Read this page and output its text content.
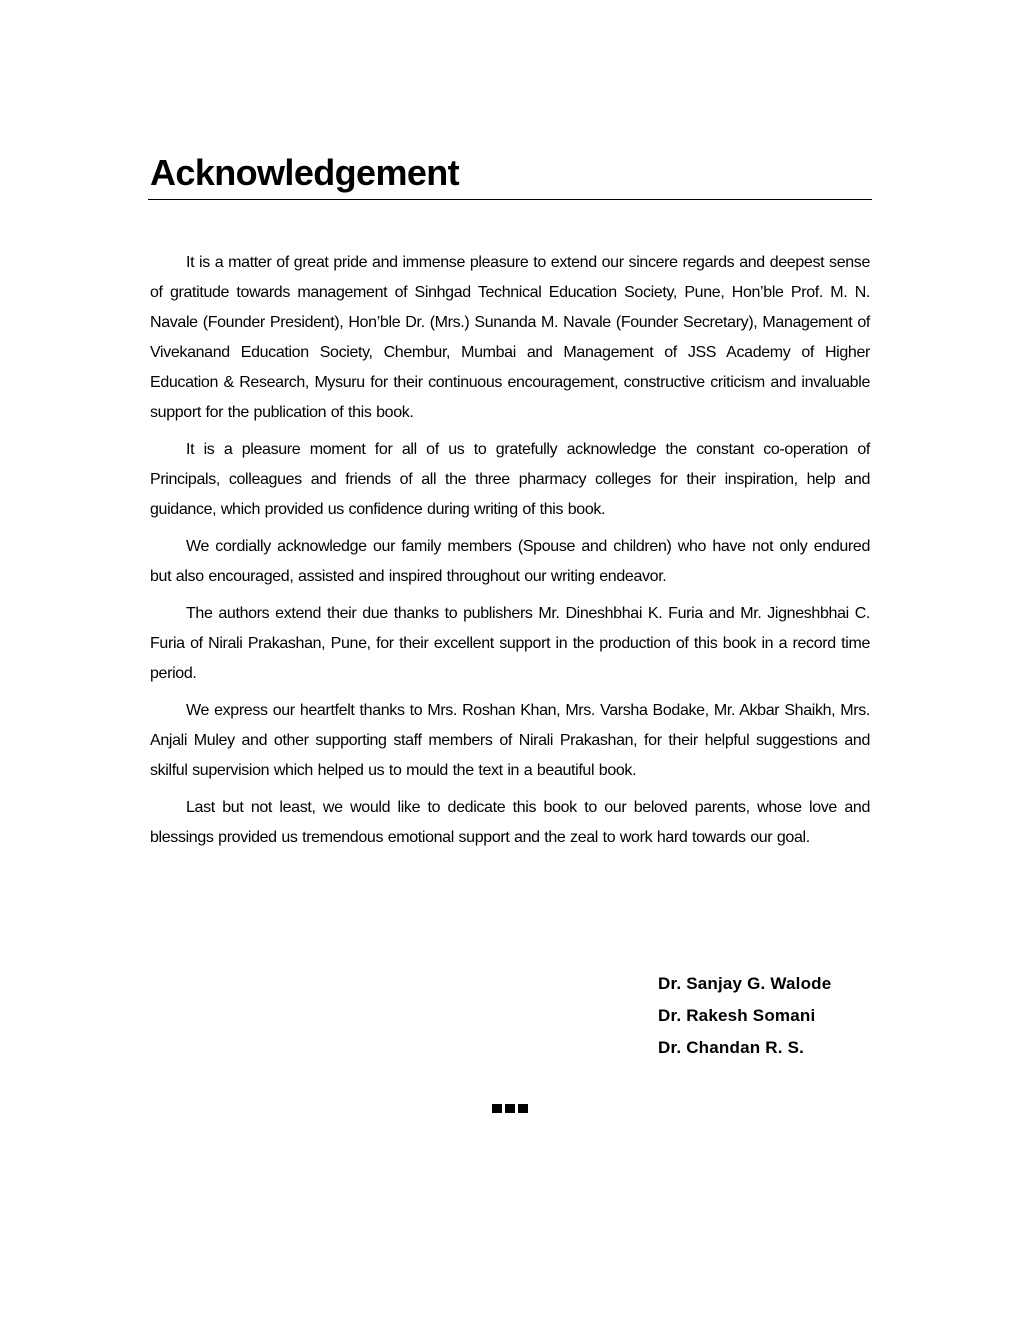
Acknowledgement

It is a matter of great pride and immense pleasure to extend our sincere regards and deepest sense of gratitude towards management of Sinhgad Technical Education Society, Pune, Hon’ble Prof. M. N. Navale (Founder President), Hon’ble Dr. (Mrs.) Sunanda M. Navale (Founder Secretary), Management of Vivekanand Education Society, Chembur, Mumbai and Management of JSS Academy of Higher Education & Research, Mysuru for their continuous encouragement, constructive criticism and invaluable support for the publication of this book.

It is a pleasure moment for all of us to gratefully acknowledge the constant co-operation of Principals, colleagues and friends of all the three pharmacy colleges for their inspiration, help and guidance, which provided us confidence during writing of this book.

We cordially acknowledge our family members (Spouse and children) who have not only endured but also encouraged, assisted and inspired throughout our writing endeavor.

The authors extend their due thanks to publishers Mr. Dineshbhai K. Furia and Mr. Jigneshbhai C. Furia of Nirali Prakashan, Pune, for their excellent support in the production of this book in a record time period.

We express our heartfelt thanks to Mrs. Roshan Khan, Mrs. Varsha Bodake, Mr. Akbar Shaikh, Mrs. Anjali Muley and other supporting staff members of Nirali Prakashan, for their helpful suggestions and skilful supervision which helped us to mould the text in a beautiful book.

Last but not least, we would like to dedicate this book to our beloved parents, whose love and blessings provided us tremendous emotional support and the zeal to work hard towards our goal.

Dr. Sanjay G. Walode
Dr. Rakesh Somani
Dr. Chandan R. S.
